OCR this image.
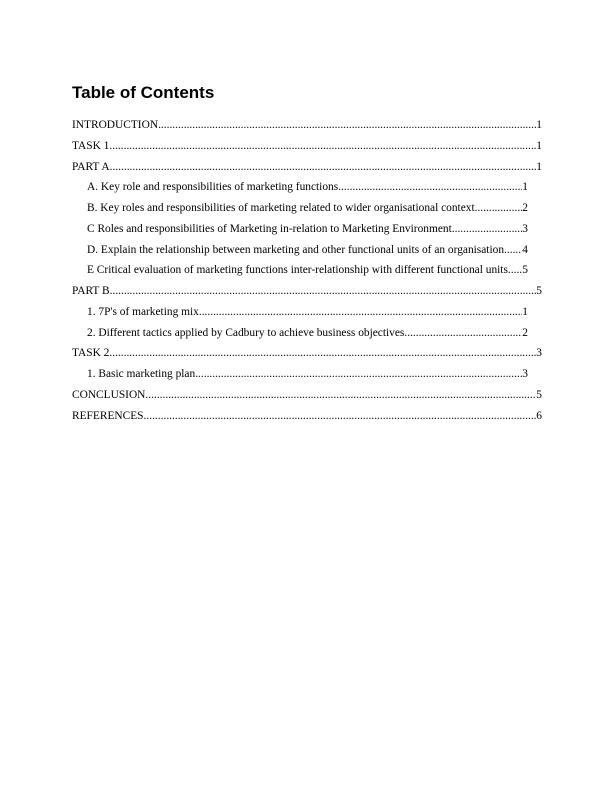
Table of Contents
INTRODUCTION .....	1
TASK 1 .....	1
PART A .....	1
A. Key role and responsibilities of marketing functions .....	1
B. Key roles and responsibilities of marketing related to wider organisational context .....	2
C Roles and responsibilities of Marketing in-relation to Marketing Environment .....	3
D. Explain the relationship between marketing and other functional units of an organisation ..... 4
E Critical evaluation of marketing functions inter-relationship with different functional units. ..... 5
PART B .....	5
1. 7P's of marketing mix .....	1
2. Different tactics applied by Cadbury to achieve business objectives .....	2
TASK 2 .....	3
1. Basic marketing plan .....	3
CONCLUSION .....	5
REFERENCES .....	6
